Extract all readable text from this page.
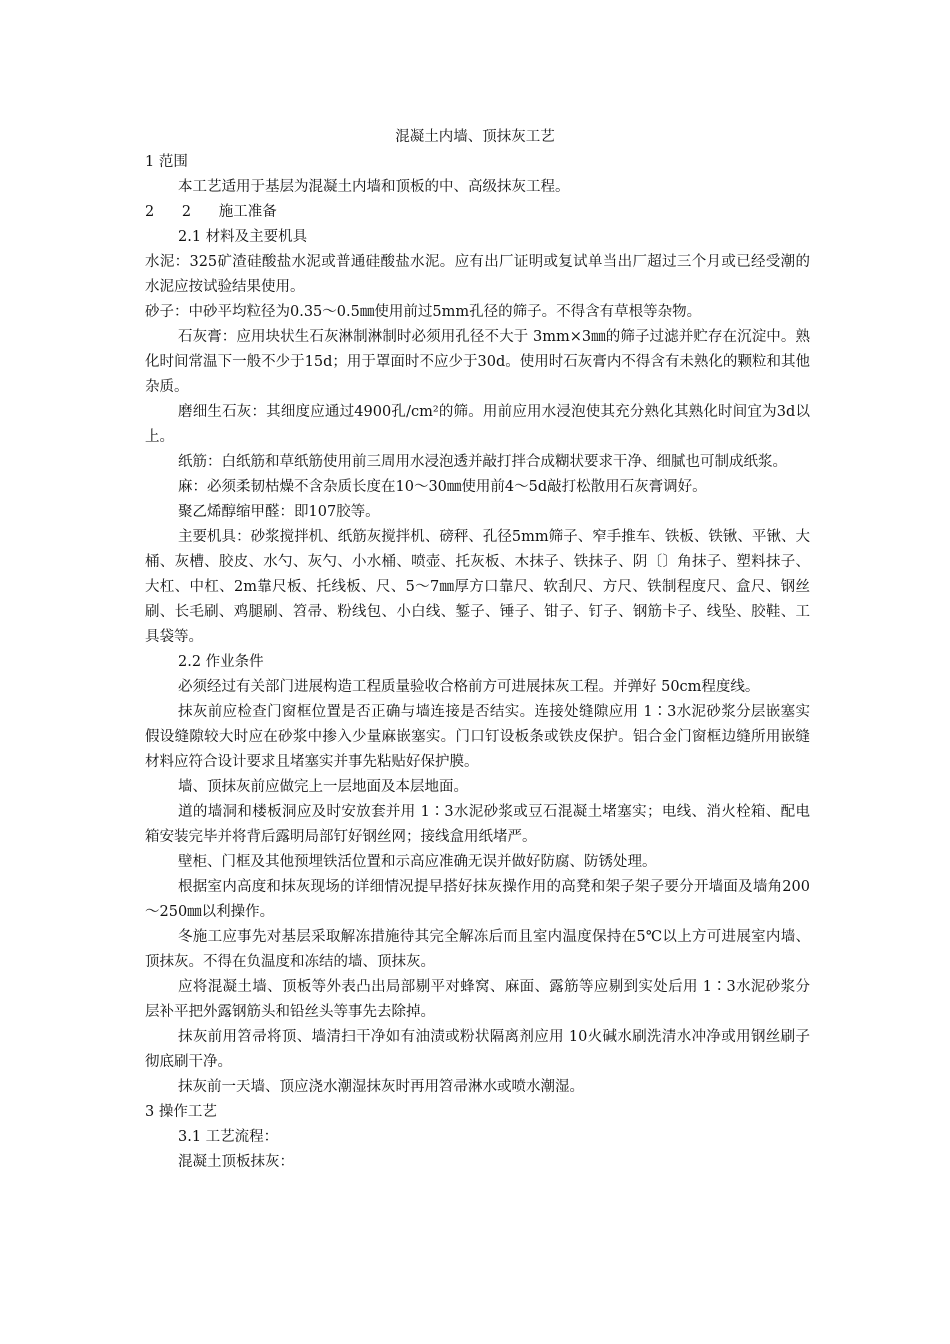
混凝土内墙、顶抹灰工艺

1 范围

本工艺适用于基层为混凝土内墙和顶板的中、高级抹灰工程。

2      2      施工准备

2.1 材料及主要机具

水泥：325矿渣硅酸盐水泥或普通硅酸盐水泥。应有出厂证明或复试单当出厂超过三个月或已经受潮的水泥应按试验结果使用。

砂子：中砂平均粒径为0.35～0.5㎜使用前过5mm孔径的筛子。不得含有草根等杂物。

石灰膏：应用块状生石灰淋制淋制时必须用孔径不大于 3mm×3㎜的筛子过滤并贮存在沉淀中。熟化时间常温下一般不少于15d；用于罩面时不应少于30d。使用时石灰膏内不得含有未熟化的颗粒和其他杂质。

磨细生石灰：其细度应通过4900孔/cm²的筛。用前应用水浸泡使其充分熟化其熟化时间宜为3d以上。

纸筋：白纸筋和草纸筋使用前三周用水浸泡透并敲打拌合成糊状要求干净、细腻也可制成纸浆。

麻：必须柔韧枯燥不含杂质长度在10～30㎜使用前4～5d敲打松散用石灰膏调好。

聚乙烯醇缩甲醛：即107胶等。

主要机具：砂浆搅拌机、纸筋灰搅拌机、磅秤、孔径5mm筛子、窄手推车、铁板、铁锹、平锹、大桶、灰槽、胶皮、水勺、灰勺、小水桶、喷壶、托灰板、木抹子、铁抹子、阴〔〕角抹子、塑料抹子、大杠、中杠、2m靠尺板、托线板、尺、5～7㎜厚方口靠尺、软刮尺、方尺、铁制程度尺、盒尺、钢丝刷、长毛刷、鸡腿刷、笤帚、粉线包、小白线、錾子、锤子、钳子、钉子、钢筋卡子、线坠、胶鞋、工具袋等。

2.2 作业条件

必须经过有关部门进展构造工程质量验收合格前方可进展抹灰工程。并弹好 50cm程度线。

抹灰前应检查门窗框位置是否正确与墙连接是否结实。连接处缝隙应用 1∶3水泥砂浆分层嵌塞实假设缝隙较大时应在砂浆中掺入少量麻嵌塞实。门口钉设板条或铁皮保护。铝合金门窗框边缝所用嵌缝材料应符合设计要求且堵塞实并事先粘贴好保护膜。

墙、顶抹灰前应做完上一层地面及本层地面。

道的墙洞和楼板洞应及时安放套并用 1∶3水泥砂浆或豆石混凝土堵塞实；电线、消火栓箱、配电箱安装完毕并将背后露明局部钉好钢丝网；接线盒用纸堵严。

壁柜、门框及其他预埋铁活位置和示高应准确无误并做好防腐、防锈处理。

根据室内高度和抹灰现场的详细情况提早搭好抹灰操作用的高凳和架子架子要分开墙面及墙角200～250㎜以利操作。

冬施工应事先对基层采取解冻措施待其完全解冻后而且室内温度保持在5℃以上方可进展室内墙、顶抹灰。不得在负温度和冻结的墙、顶抹灰。

应将混凝土墙、顶板等外表凸出局部剔平对蜂窝、麻面、露筋等应剔到实处后用 1∶3水泥砂浆分层补平把外露钢筋头和铅丝头等事先去除掉。

抹灰前用笤帚将顶、墙清扫干净如有油渍或粉状隔离剂应用 10火碱水刷洗清水冲净或用钢丝刷子彻底刷干净。

抹灰前一天墙、顶应浇水潮湿抹灰时再用笤帚淋水或喷水潮湿。

3 操作工艺

3.1 工艺流程：

混凝土顶板抹灰：
